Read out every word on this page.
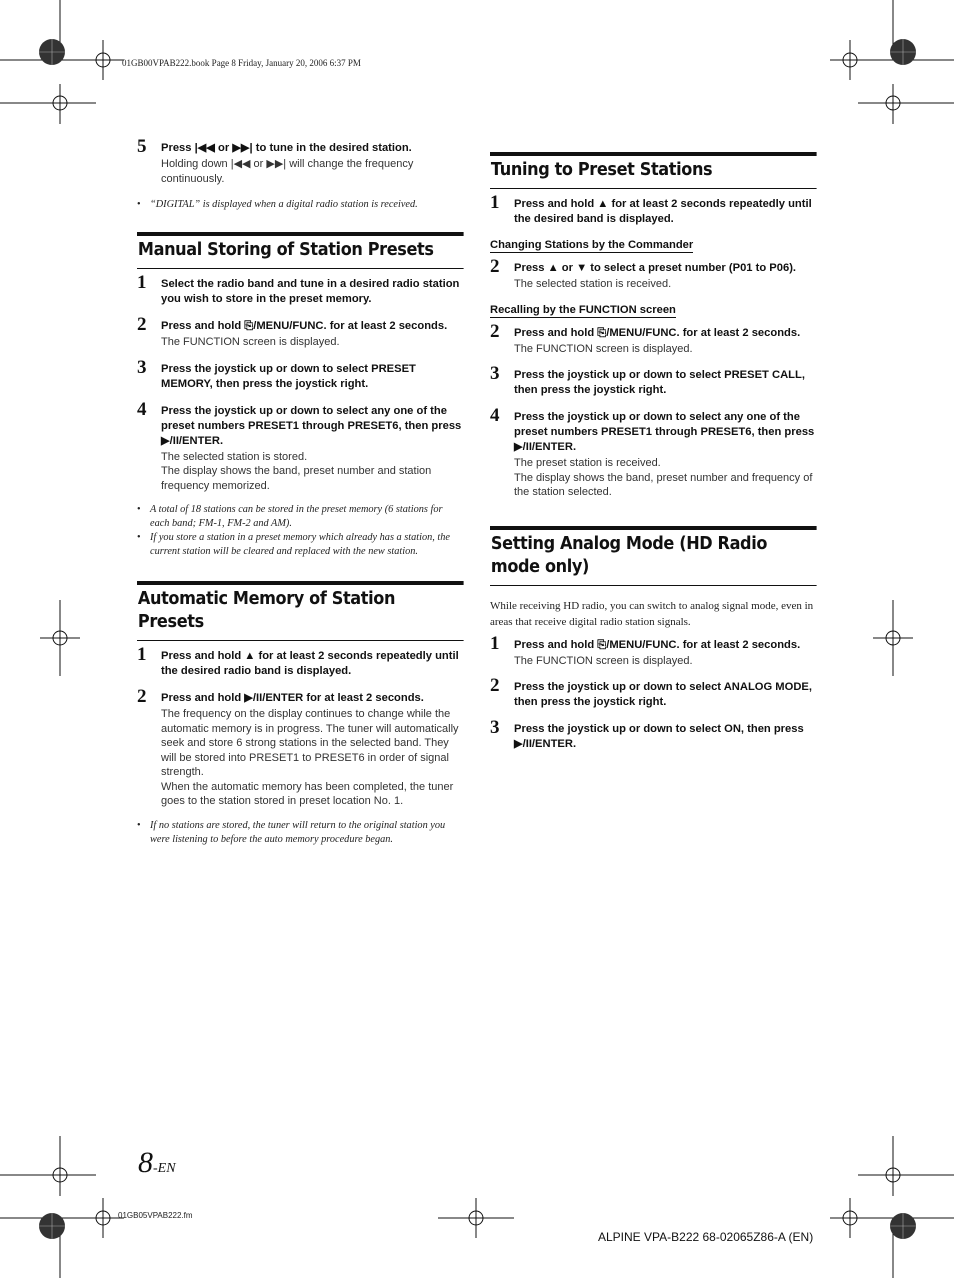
01GB00VPAB222.book Page 8 Friday, January 20, 2006 6:37 PM
5 Press |◀◀ or ▶▶| to tune in the desired station.
Holding down |◀◀ or ▶▶| will change the frequency continuously.
• “DIGITAL” is displayed when a digital radio station is received.
Manual Storing of Station Presets
1 Select the radio band and tune in a desired radio station you wish to store in the preset memory.
2 Press and hold ⎘/MENU/FUNC. for at least 2 seconds.
The FUNCTION screen is displayed.
3 Press the joystick up or down to select PRESET MEMORY, then press the joystick right.
4 Press the joystick up or down to select any one of the preset numbers PRESET1 through PRESET6, then press ▶/II/ENTER.
The selected station is stored.
The display shows the band, preset number and station frequency memorized.
• A total of 18 stations can be stored in the preset memory (6 stations for each band; FM-1, FM-2 and AM).
• If you store a station in a preset memory which already has a station, the current station will be cleared and replaced with the new station.
Automatic Memory of Station Presets
1 Press and hold ▲ for at least 2 seconds repeatedly until the desired radio band is displayed.
2 Press and hold ▶/II/ENTER for at least 2 seconds.
The frequency on the display continues to change while the automatic memory is in progress. The tuner will automatically seek and store 6 strong stations in the selected band. They will be stored into PRESET1 to PRESET6 in order of signal strength.
When the automatic memory has been completed, the tuner goes to the station stored in preset location No. 1.
• If no stations are stored, the tuner will return to the original station you were listening to before the auto memory procedure began.
Tuning to Preset Stations
1 Press and hold ▲ for at least 2 seconds repeatedly until the desired band is displayed.
Changing Stations by the Commander
2 Press ▲ or ▼ to select a preset number (P01 to P06).
The selected station is received.
Recalling by the FUNCTION screen
2 Press and hold ⎘/MENU/FUNC. for at least 2 seconds.
The FUNCTION screen is displayed.
3 Press the joystick up or down to select PRESET CALL, then press the joystick right.
4 Press the joystick up or down to select any one of the preset numbers PRESET1 through PRESET6, then press ▶/II/ENTER.
The preset station is received.
The display shows the band, preset number and frequency of the station selected.
Setting Analog Mode (HD Radio mode only)
While receiving HD radio, you can switch to analog signal mode, even in areas that receive digital radio station signals.
1 Press and hold ⎘/MENU/FUNC. for at least 2 seconds.
The FUNCTION screen is displayed.
2 Press the joystick up or down to select ANALOG MODE, then press the joystick right.
3 Press the joystick up or down to select ON, then press ▶/II/ENTER.
8-EN
01GB05VPAB222.fm
ALPINE VPA-B222 68-02065Z86-A (EN)
